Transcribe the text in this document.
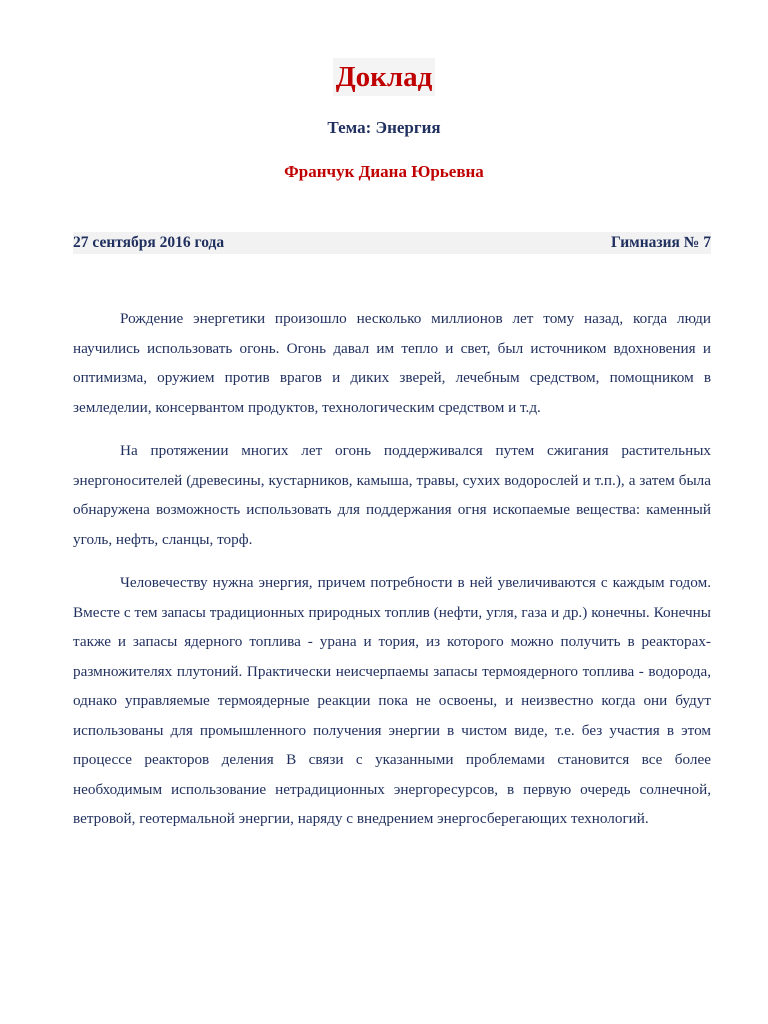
Доклад
Тема: Энергия
Франчук Диана Юрьевна
27 сентября 2016 года	Гимназия № 7

Рождение энергетики произошло несколько миллионов лет тому назад, когда люди научились использовать огонь. Огонь давал им тепло и свет, был источником вдохновения и оптимизма, оружием против врагов и диких зверей, лечебным средством, помощником в земледелии, консервантом продуктов, технологическим средством и т.д.

На протяжении многих лет огонь поддерживался путем сжигания растительных энергоносителей (древесины, кустарников, камыша, травы, сухих водорослей и т.п.), а затем была обнаружена возможность использовать для поддержания огня ископаемые вещества: каменный уголь, нефть, сланцы, торф.

Человечеству нужна энергия, причем потребности в ней увеличиваются с каждым годом. Вместе с тем запасы традиционных природных топлив (нефти, угля, газа и др.) конечны. Конечны также и запасы ядерного топлива - урана и тория, из которого можно получить в реакторах-размножителях плутоний. Практически неисчерпаемы запасы термоядерного топлива - водорода, однако управляемые термоядерные реакции пока не освоены, и неизвестно когда они будут использованы для промышленного получения энергии в чистом виде, т.е. без участия в этом процессе реакторов деления В связи с указанными проблемами становится все более необходимым использование нетрадиционных энергоресурсов, в первую очередь солнечной, ветровой, геотермальной энергии, наряду с внедрением энергосберегающих технологий.
